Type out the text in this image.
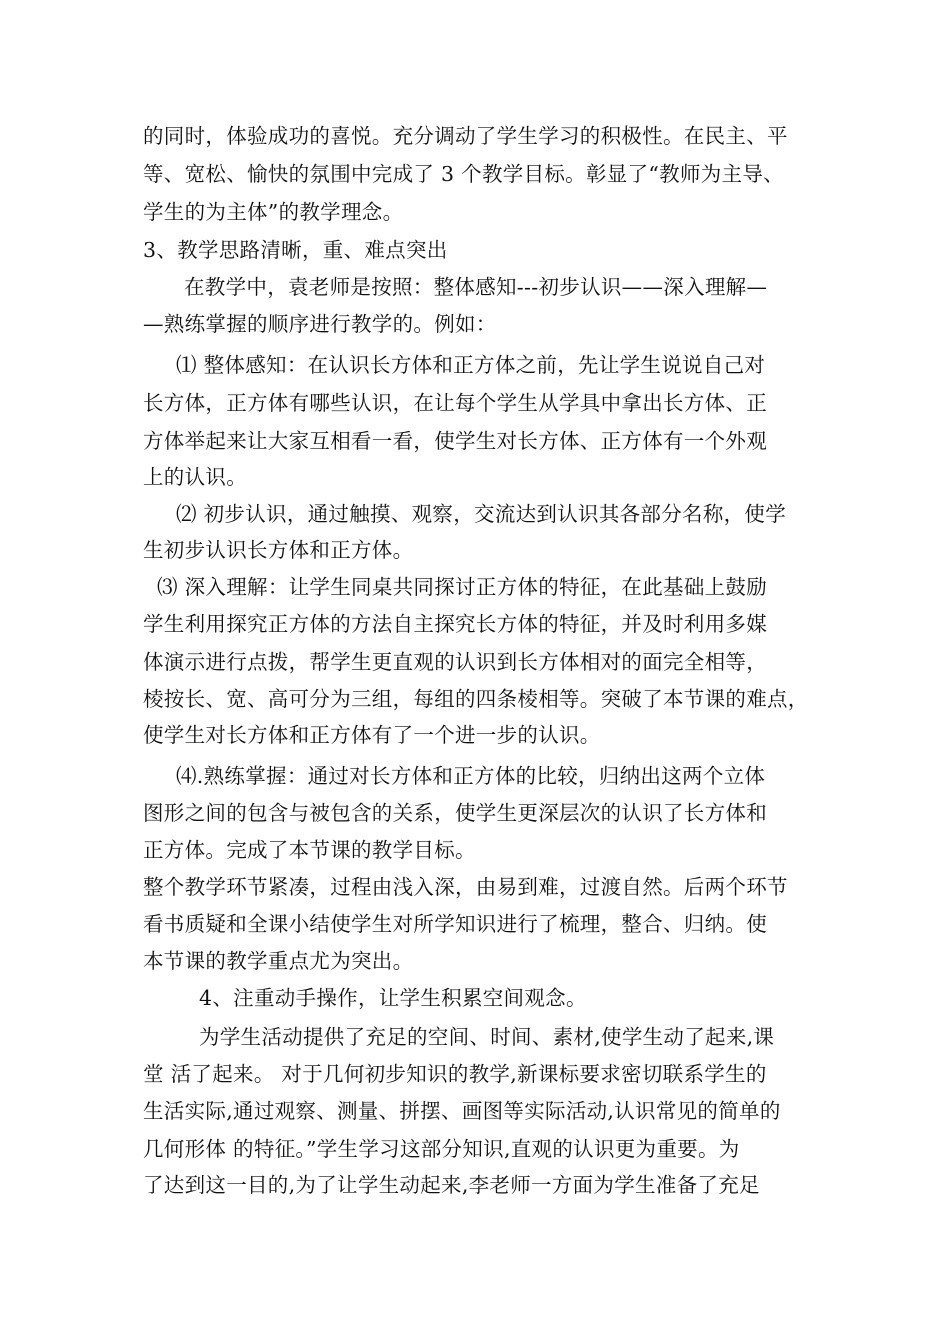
的同时，体验成功的喜悦。充分调动了学生学习的积极性。在民主、平
等、宽松、愉快的氛围中完成了 3 个教学目标。彰显了“教师为主导、
学生的为主体”的教学理念。
3、教学思路清晰，重、难点突出
在教学中，袁老师是按照：整体感知---初步认识——深入理解—
—熟练掌握的顺序进行教学的。例如：
⑴ 整体感知：在认识长方体和正方体之前，先让学生说说自己对
长方体，正方体有哪些认识，在让每个学生从学具中拿出长方体、正
方体举起来让大家互相看一看，使学生对长方体、正方体有一个外观
上的认识。
⑵ 初步认识，通过触摸、观察，交流达到认识其各部分名称，使学
生初步认识长方体和正方体。
⑶ 深入理解：让学生同桌共同探讨正方体的特征，在此基础上鼓励
学生利用探究正方体的方法自主探究长方体的特征，并及时利用多媒
体演示进行点拨，帮学生更直观的认识到长方体相对的面完全相等，
棱按长、宽、高可分为三组，每组的四条棱相等。突破了本节课的难点，
使学生对长方体和正方体有了一个进一步的认识。
⑷.熟练掌握：通过对长方体和正方体的比较，归纳出这两个立体
图形之间的包含与被包含的关系，使学生更深层次的认识了长方体和
正方体。完成了本节课的教学目标。
整个教学环节紧凑，过程由浅入深，由易到难，过渡自然。后两个环节
看书质疑和全课小结使学生对所学知识进行了梳理，整合、归纳。使
本节课的教学重点尤为突出。
4、注重动手操作，让学生积累空间观念。
为学生活动提供了充足的空间、时间、素材,使学生动了起来,课
堂 活了起来。 对于几何初步知识的教学,新课标要求密切联系学生的
生活实际,通过观察、测量、拼摆、画图等实际活动,认识常见的简单的
几何形体 的特征。”学生学习这部分知识,直观的认识更为重要。为
了达到这一目的,为了让学生动起来,李老师一方面为学生准备了充足
